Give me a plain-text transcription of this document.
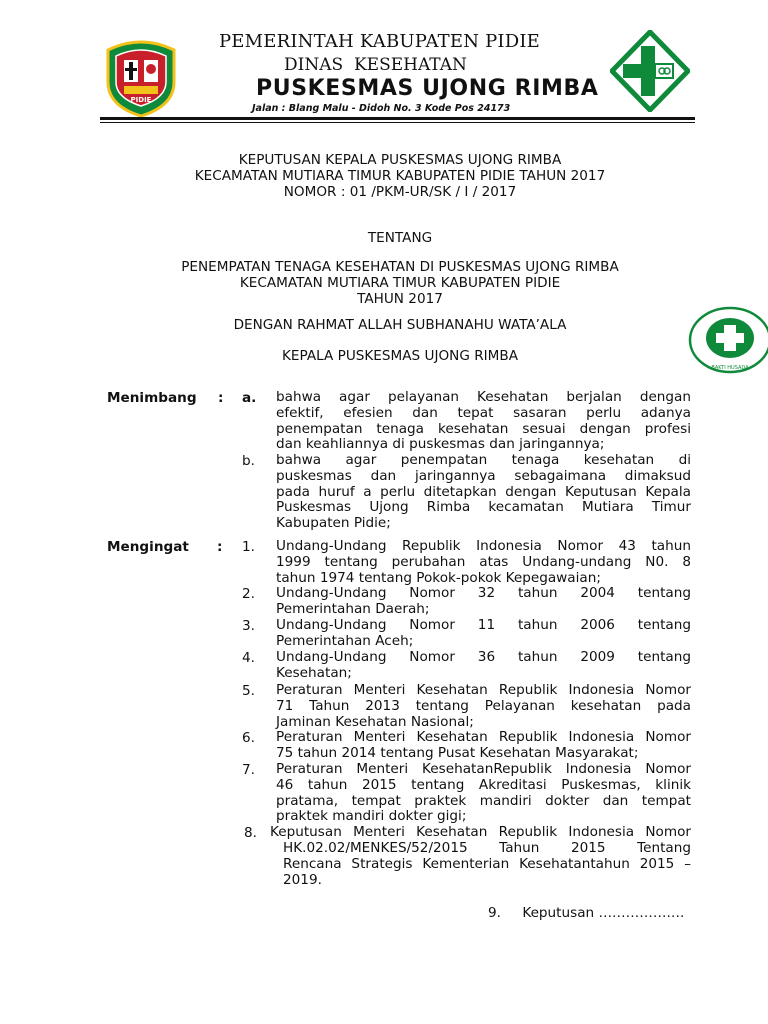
PIDIE
PEMERINTAH KABUPATEN PIDIE
DINAS KESEHATAN
PUSKESMAS UJONG RIMBA
Jalan : Blang Malu - Didoh No. 3 Kode Pos 24173
KEPUTUSAN KEPALA PUSKESMAS UJONG RIMBA
KECAMATAN MUTIARA TIMUR KABUPATEN PIDIE TAHUN 2017
NOMOR : 01 /PKM-UR/SK / I / 2017
TENTANG
PENEMPATAN TENAGA KESEHATAN DI PUSKESMAS UJONG RIMBA
KECAMATAN MUTIARA TIMUR KABUPATEN PIDIE
TAHUN 2017
DENGAN RAHMAT ALLAH SUBHANAHU WATA’ALA
KEPALA PUSKESMAS UJONG RIMBA
BAKTI HUSADA
Menimbang : a. bahwa agar pelayanan Kesehatan berjalan dengan
efektif, efesien dan tepat sasaran perlu adanya
penempatan tenaga kesehatan sesuai dengan profesi
dan keahliannya di puskesmas dan jaringannya;
b. bahwa agar penempatan tenaga kesehatan di
puskesmas dan jaringannya sebagaimana dimaksud
pada huruf a perlu ditetapkan dengan Keputusan Kepala
Puskesmas Ujong Rimba kecamatan Mutiara Timur
Kabupaten Pidie;
Mengingat : 1. Undang-Undang Republik Indonesia Nomor 43 tahun
1999 tentang perubahan atas Undang-undang N0. 8
tahun 1974 tentang Pokok-pokok Kepegawaian;
2. Undang-Undang Nomor 32 tahun 2004 tentang
Pemerintahan Daerah;
3. Undang-Undang Nomor 11 tahun 2006 tentang
Pemerintahan Aceh;
4. Undang-Undang Nomor 36 tahun 2009 tentang
Kesehatan;
5. Peraturan Menteri Kesehatan Republik Indonesia Nomor
71 Tahun 2013 tentang Pelayanan kesehatan pada
Jaminan Kesehatan Nasional;
6. Peraturan Menteri Kesehatan Republik Indonesia Nomor
75 tahun 2014 tentang Pusat Kesehatan Masyarakat;
7. Peraturan Menteri KesehatanRepublik Indonesia Nomor
46 tahun 2015 tentang Akreditasi Puskesmas, klinik
pratama, tempat praktek mandiri dokter dan tempat
praktek mandiri dokter gigi;
8. Keputusan Menteri Kesehatan Republik Indonesia Nomor
HK.02.02/MENKES/52/2015 Tahun 2015 Tentang
Rencana Strategis Kementerian Kesehatantahun 2015 –
2019.
9. Keputusan ……………….
